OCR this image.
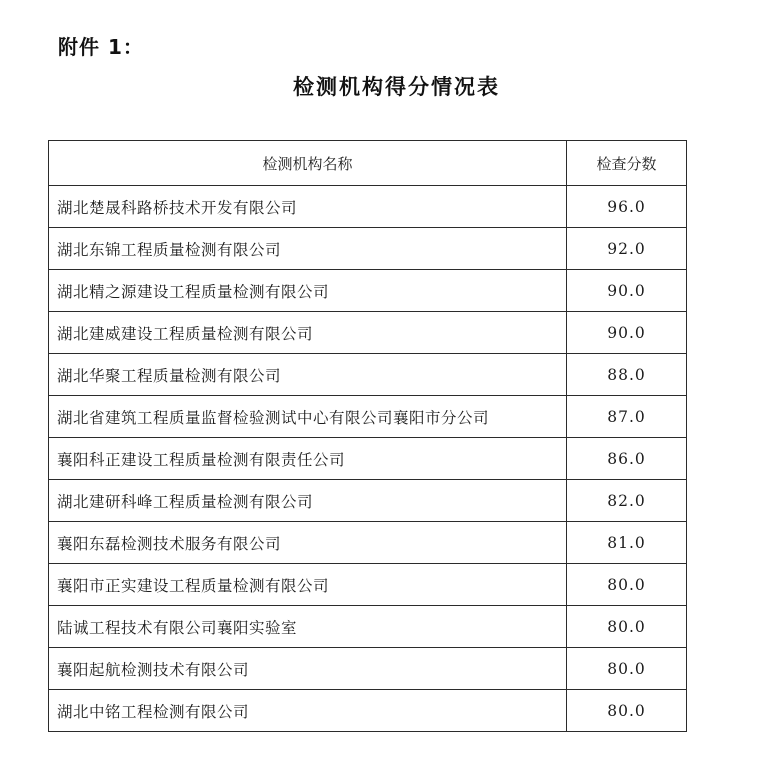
附件 1：
检测机构得分情况表
检测机构名称	检查分数
湖北楚晟科路桥技术开发有限公司	96.0
湖北东锦工程质量检测有限公司	92.0
湖北精之源建设工程质量检测有限公司	90.0
湖北建威建设工程质量检测有限公司	90.0
湖北华聚工程质量检测有限公司	88.0
湖北省建筑工程质量监督检验测试中心有限公司襄阳市分公司	87.0
襄阳科正建设工程质量检测有限责任公司	86.0
湖北建研科峰工程质量检测有限公司	82.0
襄阳东磊检测技术服务有限公司	81.0
襄阳市正实建设工程质量检测有限公司	80.0
陆诚工程技术有限公司襄阳实验室	80.0
襄阳起航检测技术有限公司	80.0
湖北中铭工程检测有限公司	80.0
